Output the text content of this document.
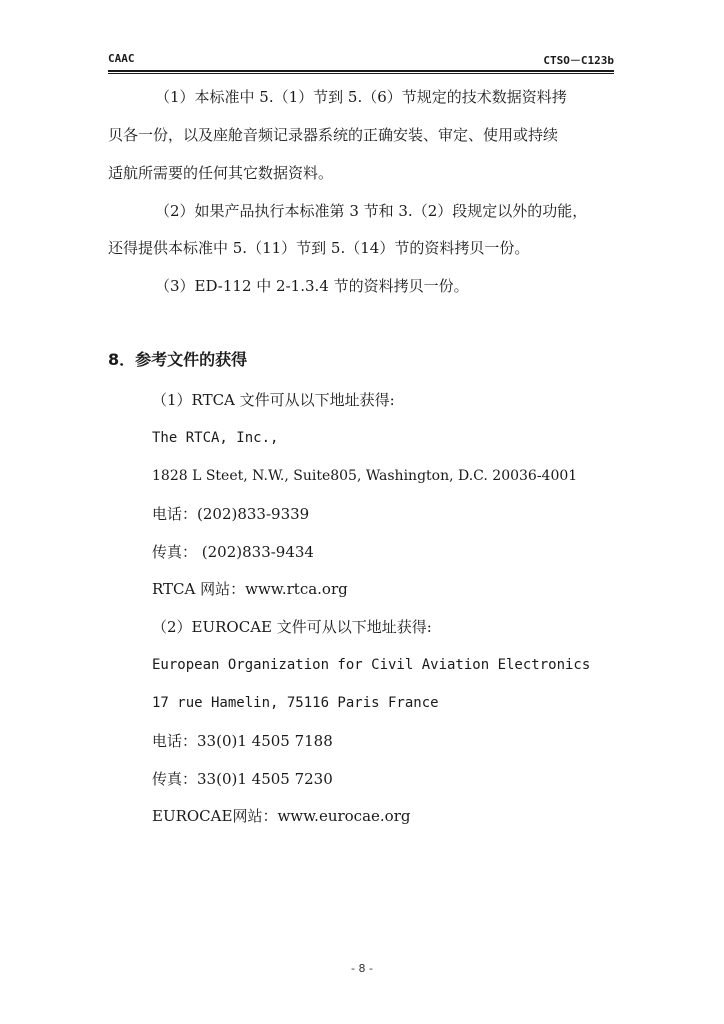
CAAC	CTSO－C123b
（1）本标准中 5.（1）节到 5.（6）节规定的技术数据资料拷
贝各一份，以及座舱音频记录器系统的正确安装、审定、使用或持续
适航所需要的任何其它数据资料。
（2）如果产品执行本标准第 3 节和 3.（2）段规定以外的功能，
还得提供本标准中 5.（11）节到 5.（14）节的资料拷贝一份。
（3）ED-112 中 2-1.3.4 节的资料拷贝一份。
8．参考文件的获得
（1）RTCA 文件可从以下地址获得:
The RTCA, Inc.,
1828 L Steet, N.W., Suite805, Washington, D.C. 20036-4001
电话：(202)833-9339
传真： (202)833-9434
RTCA 网站：www.rtca.org
（2）EUROCAE 文件可从以下地址获得:
European Organization for Civil Aviation Electronics
17 rue Hamelin, 75116 Paris France
电话：33(0)1 4505 7188
传真：33(0)1 4505 7230
EUROCAE网站：www.eurocae.org
- 8 -
